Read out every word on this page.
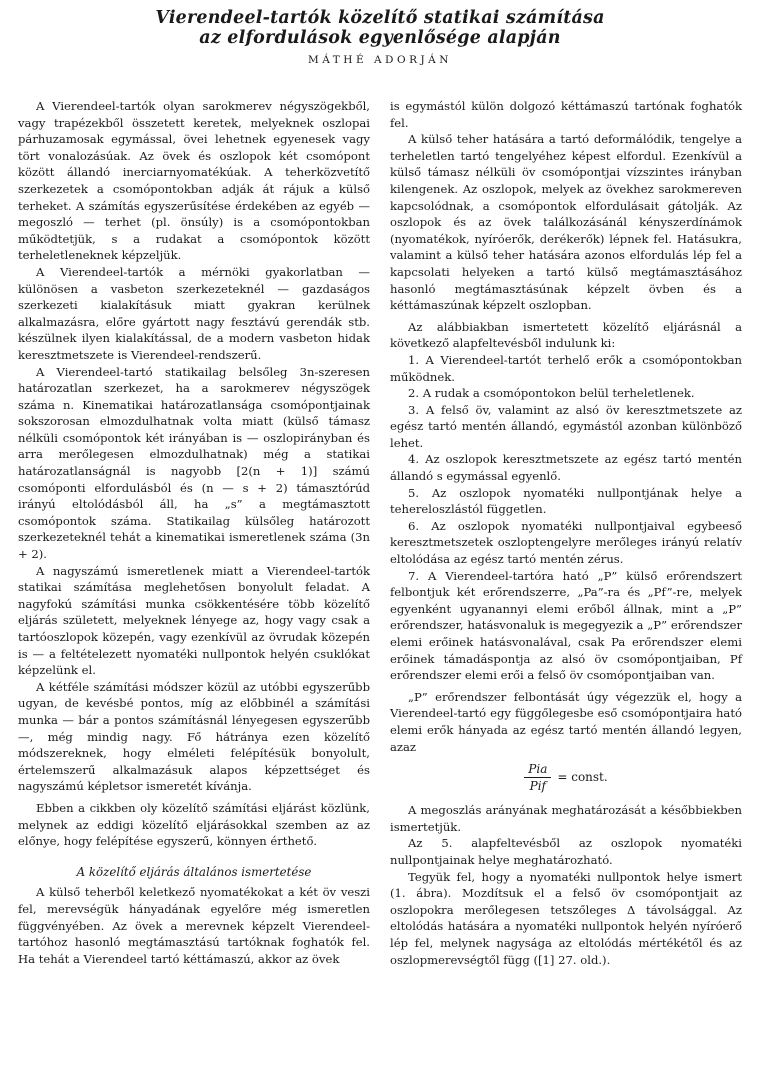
Vierendeel-tartók közelítő statikai számítása
az elfordulások egyenlősége alapján
MÁTHÉ ADORJÁN

A Vierendeel-tartók olyan sarokmerev négyszögekből, vagy trapézekből összetett keretek, melyeknek oszlopai párhuzamosak egymással, övei lehetnek egyenesek vagy tört vonalozásúak. Az övek és oszlopok két csomópont között állandó inerciarnyomatékúak. A teherközvetítő szerkezetek a csomópontokban adják át rájuk a külső terheket. A számítás egyszerűsítése érdekében az egyéb — megoszló — terhet (pl. önsúly) is a csomópontokban működtetjük, s a rudakat a csomópontok között terheletleneknek képzeljük.

A Vierendeel-tartók a mérnöki gyakorlatban — különösen a vasbeton szerkezeteknél — gazdaságos szerkezeti kialakításuk miatt gyakran kerülnek alkalmazásra, előre gyártott nagy fesztávú gerendák stb. készülnek ilyen kialakítással, de a modern vasbeton hidak keresztmetszete is Vierendeel-rendszerű.

A Vierendeel-tartó statikailag belsőleg 3n-szeresen határozatlan szerkezet, ha a sarokmerev négyszögek száma n. Kinematikai határozatlansága csomópontjainak sokszorosan elmozdulhatnak volta miatt (külső támasz nélküli csomópontok két irányában is — oszlopirányban és arra merőlegesen elmozdulhatnak) még a statikai határozatlanságnál is nagyobb [2(n + 1)] számú csomóponti elfordulásból és (n — s + 2) támasztórúd irányú eltolódásból áll, ha „s” a megtámasztott csomópontok száma. Statikailag külsőleg határozott szerkezeteknél tehát a kinematikai ismeretlenek száma (3n + 2).

A nagyszámú ismeretlenek miatt a Vierendeel-tartók statikai számítása meglehetősen bonyolult feladat. A nagyfokú számítási munka csökkentésére több közelítő eljárás született, melyeknek lényege az, hogy vagy csak a tartóoszlopok közepén, vagy ezenkívül az övrudak közepén is — a feltételezett nyomatéki nullpontok helyén csuklókat képzelünk el.

A kétféle számítási módszer közül az utóbbi egyszerűbb ugyan, de kevésbé pontos, míg az előbbinél a számítási munka — bár a pontos számításnál lényegesen egyszerűbb —, még mindig nagy. Fő hátránya ezen közelítő módszereknek, hogy elméleti felépítésük bonyolult, értelemszerű alkalmazásuk alapos képzettséget és nagyszámú képletsor ismeretét kívánja.

Ebben a cikkben oly közelítő számítási eljárást közlünk, melynek az eddigi közelítő eljárásokkal szemben az az előnye, hogy felépítése egyszerű, könnyen érthető.

A közelítő eljárás általános ismertetése

A külső teherből keletkező nyomatékokat a két öv veszi fel, merevségük hányadának egyelőre még ismeretlen függvényében. Az övek a merevnek képzelt Vierendeel-tartóhoz hasonló megtámasztású tartóknak foghatók fel. Ha tehát a Vierendeel tartó kéttámaszú, akkor az övek

is egymástól külön dolgozó kéttámaszú tartónak foghatók fel.

A külső teher hatására a tartó deformálódik, tengelye a terheletlen tartó tengelyéhez képest elfordul. Ezenkívül a külső támasz nélküli öv csomópontjai vízszintes irányban kilengenek. Az oszlopok, melyek az övekhez sarokmereven kapcsolódnak, a csomópontok elfordulásait gátolják. Az oszlopok és az övek találkozásánál kényszerdínámok (nyomatékok, nyíróerők, derékerők) lépnek fel. Hatásukra, valamint a külső teher hatására azonos elfordulás lép fel a kapcsolati helyeken a tartó külső megtámasztásához hasonló megtámasztásúnak képzelt övben és a kéttámaszúnak képzelt oszlopban.

Az alábbiakban ismertetett közelítő eljárásnál a következő alapfeltevésből indulunk ki:

1. A Vierendeel-tartót terhelő erők a csomópontokban működnek.
2. A rudak a csomópontokon belül terheletlenek.
3. A felső öv, valamint az alsó öv keresztmetszete az egész tartó mentén állandó, egymástól azonban különböző lehet.
4. Az oszlopok keresztmetszete az egész tartó mentén állandó s egymással egyenlő.
5. Az oszlopok nyomatéki nullpontjának helye a tehereloszlástól független.
6. Az oszlopok nyomatéki nullpontjaival egybeeső keresztmetszetek oszloptengelyre merőleges irányú relatív eltolódása az egész tartó mentén zérus.
7. A Vierendeel-tartóra ható „P” külső erőrendszert felbontjuk két erőrendszerre, „Pa”-ra és „Pf”-re, melyek egyenként ugyanannyi elemi erőből állnak, mint a „P” erőrendszer, hatásvonaluk is megegyezik a „P” erőrendszer elemi erőinek hatásvonalával, csak Pa erőrendszer elemi erőinek támadáspontja az alsó öv csomópontjaiban, Pf erőrendszer elemi erői a felső öv csomópontjaiban van.

„P” erőrendszer felbontását úgy végezzük el, hogy a Vierendeel-tartó egy függőlegesbe eső csomópontjaira ható elemi erők hányada az egész tartó mentén állandó legyen, azaz

$\frac{\text{Pia}}{\text{Pif}}$ = const.

A megoszlás arányának meghatározását a későbbiekben ismertetjük.

Az 5. alapfeltevésből az oszlopok nyomatéki nullpontjainak helye meghatározható.

Tegyük fel, hogy a nyomatéki nullpontok helye ismert (1. ábra). Mozdítsuk el a felső öv csomópontjait az oszlopokra merőlegesen tetszőleges Δ távolsággal. Az eltolódás hatására a nyomatéki nullpontok helyén nyíróerő lép fel, melynek nagysága az eltolódás mértékétől és az oszlopmerevségtől függ ([1] 27. old.).
